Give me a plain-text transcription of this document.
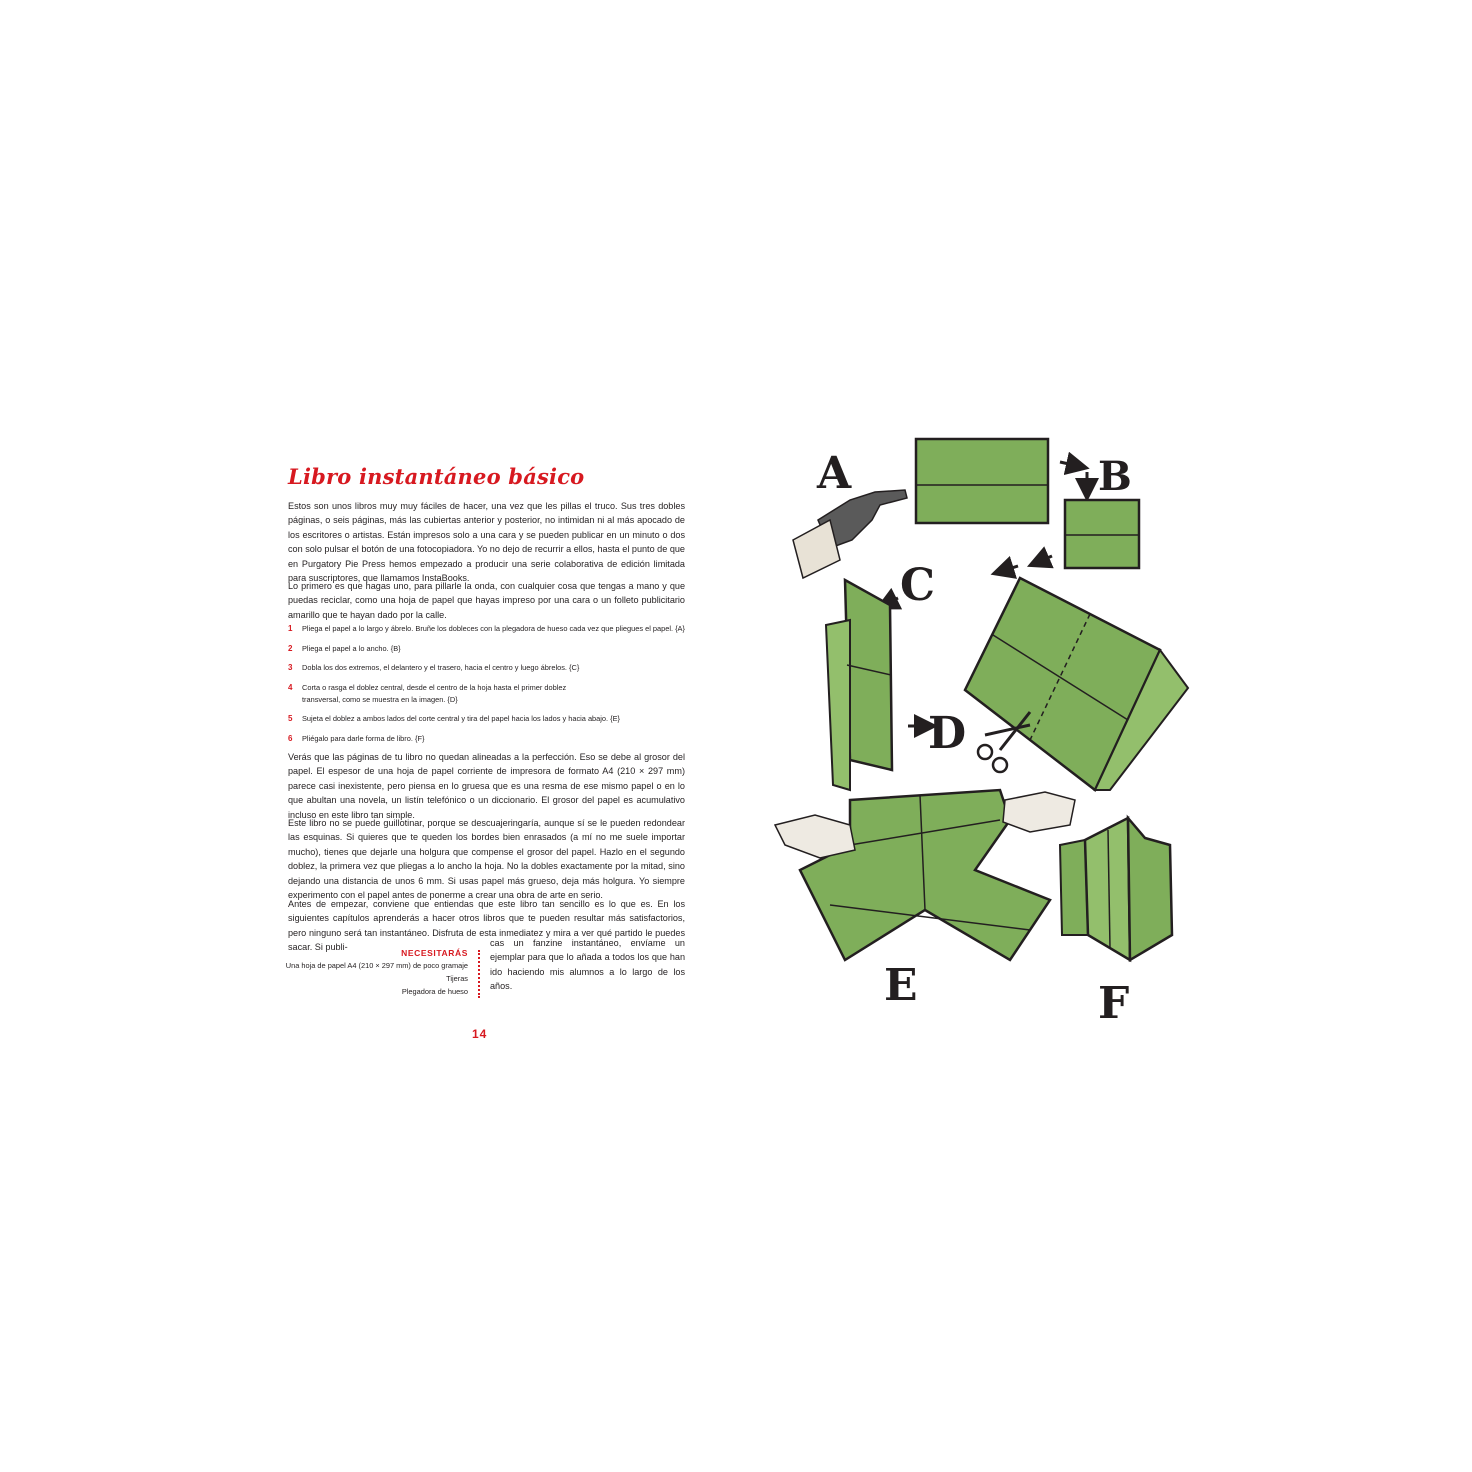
Libro instantáneo básico

Estos son unos libros muy muy fáciles de hacer, una vez que les pillas el truco. Sus tres dobles páginas, o seis páginas, más las cubiertas anterior y posterior, no intimidan ni al más apocado de los escritores o artistas. Están impresos solo a una cara y se pueden publicar en un minuto o dos con solo pulsar el botón de una fotocopiadora. Yo no dejo de recurrir a ellos, hasta el punto de que en Purgatory Pie Press hemos empezado a producir una serie colaborativa de edición limitada para suscriptores, que llamamos InstaBooks.

Lo primero es que hagas uno, para pillarle la onda, con cualquier cosa que tengas a mano y que puedas reciclar, como una hoja de papel que hayas impreso por una cara o un folleto publicitario amarillo que te hayan dado por la calle.

1 Pliega el papel a lo largo y ábrelo. Bruñe los dobleces con la plegadora de hueso cada vez que pliegues el papel. {A}
2 Pliega el papel a lo ancho. {B}
3 Dobla los dos extremos, el delantero y el trasero, hacia el centro y luego ábrelos. {C}
4 Corta o rasga el doblez central, desde el centro de la hoja hasta el primer doblez transversal, como se muestra en la imagen. {D}
5 Sujeta el doblez a ambos lados del corte central y tira del papel hacia los lados y hacia abajo. {E}
6 Pliégalo para darle forma de libro. {F}

Verás que las páginas de tu libro no quedan alineadas a la perfección. Eso se debe al grosor del papel. El espesor de una hoja de papel corriente de impresora de formato A4 (210 × 297 mm) parece casi inexistente, pero piensa en lo gruesa que es una resma de ese mismo papel o en lo que abultan una novela, un listín telefónico o un diccionario. El grosor del papel es acumulativo incluso en este libro tan simple.

Este libro no se puede guillotinar, porque se descuajeringaría, aunque sí se le pueden redondear las esquinas. Si quieres que te queden los bordes bien enrasados (a mí no me suele importar mucho), tienes que dejarle una holgura que compense el grosor del papel. Hazlo en el segundo doblez, la primera vez que pliegas a lo ancho la hoja. No la dobles exactamente por la mitad, sino dejando una distancia de unos 6 mm. Si usas papel más grueso, deja más holgura. Yo siempre experimento con el papel antes de ponerme a crear una obra de arte en serio.

Antes de empezar, conviene que entiendas que este libro tan sencillo es lo que es. En los siguientes capítulos aprenderás a hacer otros libros que te pueden resultar más satisfactorios, pero ninguno será tan instantáneo. Disfruta de esta inmediatez y mira a ver qué partido le puedes sacar. Si publi-

NECESITARÁS
Una hoja de papel A4 (210 × 297 mm) de poco gramaje
Tijeras
Plegadora de hueso

cas un fanzine instantáneo, envíame un ejemplar para que lo añada a todos los que han ido haciendo mis alumnos a lo largo de los años.

14
A	B
C
D
E	F
